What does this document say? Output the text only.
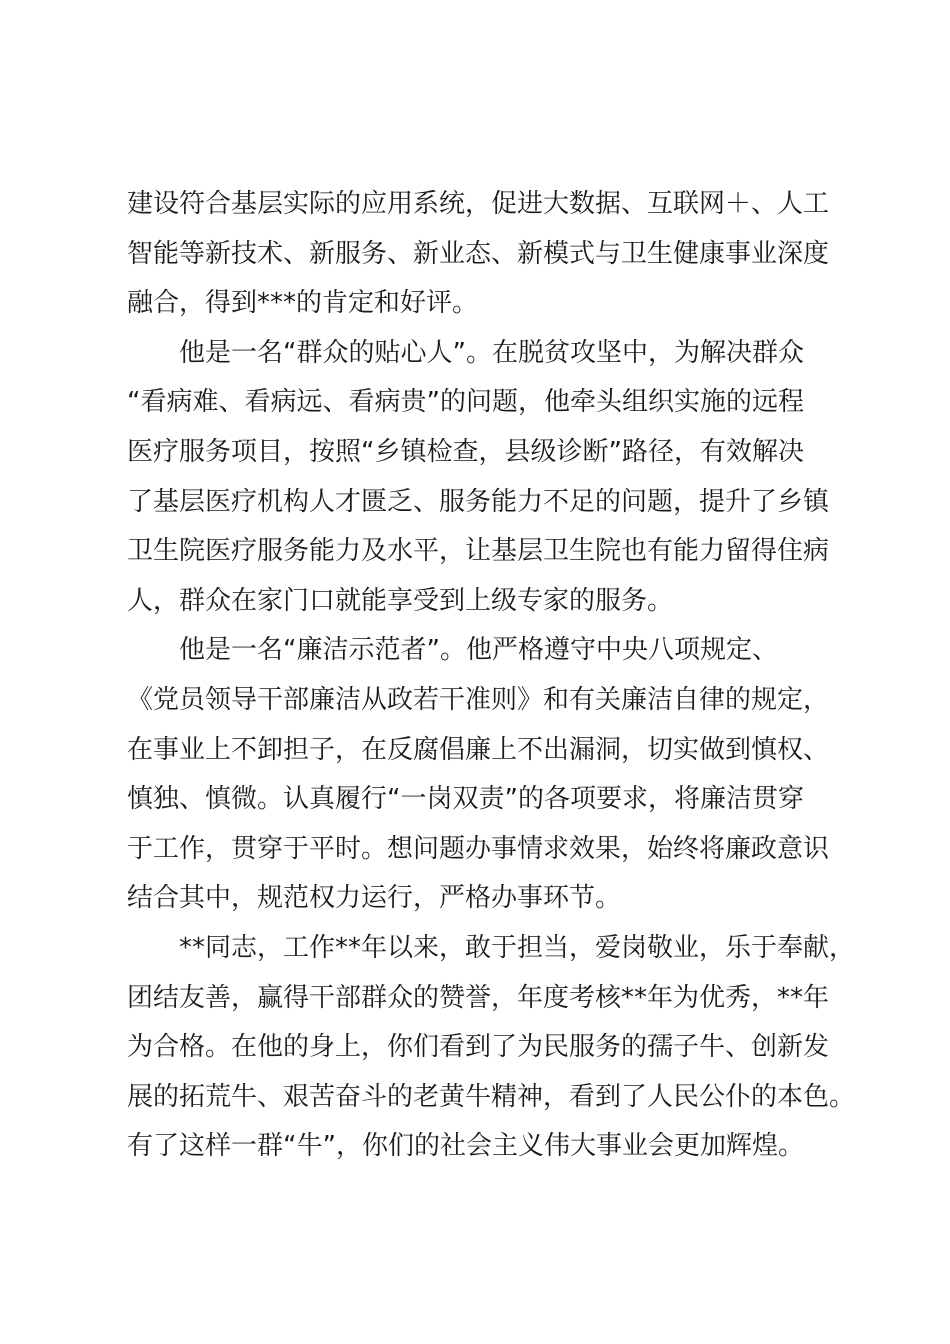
建设符合基层实际的应用系统，促进大数据、互联网＋、人工
智能等新技术、新服务、新业态、新模式与卫生健康事业深度
融合，得到***的肯定和好评。
他是一名“群众的贴心人”。在脱贫攻坚中，为解决群众
“看病难、看病远、看病贵”的问题，他牵头组织实施的远程
医疗服务项目，按照“乡镇检查，县级诊断”路径，有效解决
了基层医疗机构人才匮乏、服务能力不足的问题，提升了乡镇
卫生院医疗服务能力及水平，让基层卫生院也有能力留得住病
人，群众在家门口就能享受到上级专家的服务。
他是一名“廉洁示范者”。他严格遵守中央八项规定、
《党员领导干部廉洁从政若干准则》和有关廉洁自律的规定，
在事业上不卸担子，在反腐倡廉上不出漏洞，切实做到慎权、
慎独、慎微。认真履行“一岗双责”的各项要求，将廉洁贯穿
于工作，贯穿于平时。想问题办事情求效果，始终将廉政意识
结合其中，规范权力运行，严格办事环节。
**同志，工作**年以来，敢于担当，爱岗敬业，乐于奉献，
团结友善，赢得干部群众的赞誉，年度考核**年为优秀，**年
为合格。在他的身上，你们看到了为民服务的孺子牛、创新发
展的拓荒牛、艰苦奋斗的老黄牛精神，看到了人民公仆的本色。
有了这样一群“牛”，你们的社会主义伟大事业会更加辉煌。
